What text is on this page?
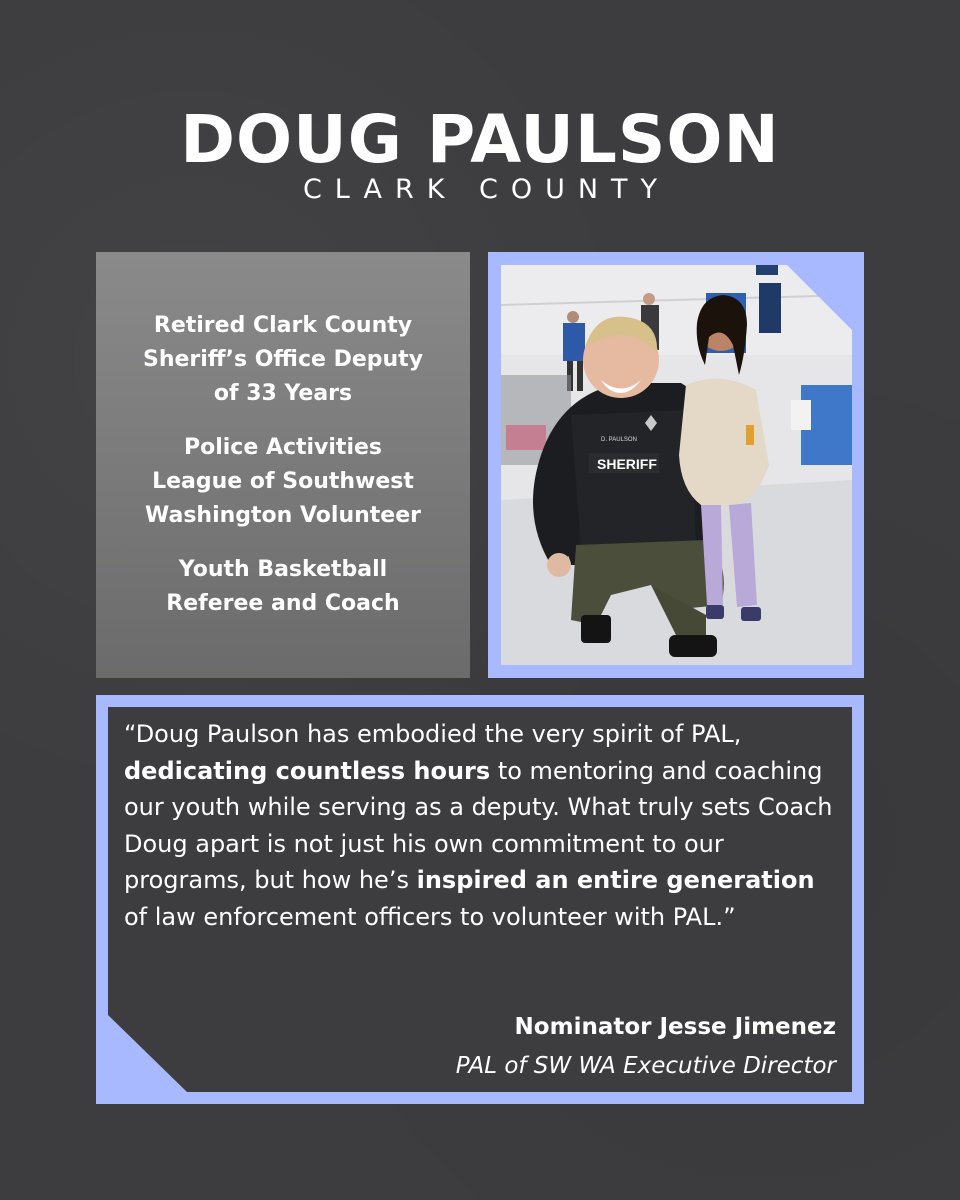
DOUG PAULSON
CLARK COUNTY
Retired Clark County
Sheriff’s Office Deputy
of 33 Years
Police Activities
League of Southwest
Washington Volunteer
Youth Basketball
Referee and Coach
SHERIFF
D. PAULSON
“Doug Paulson has embodied the very spirit of PAL, dedicating countless hours to mentoring and coaching our youth while serving as a deputy. What truly sets Coach Doug apart is not just his own commitment to our programs, but how he’s inspired an entire generation of law enforcement officers to volunteer with PAL.”
Nominator Jesse Jimenez
PAL of SW WA Executive Director
